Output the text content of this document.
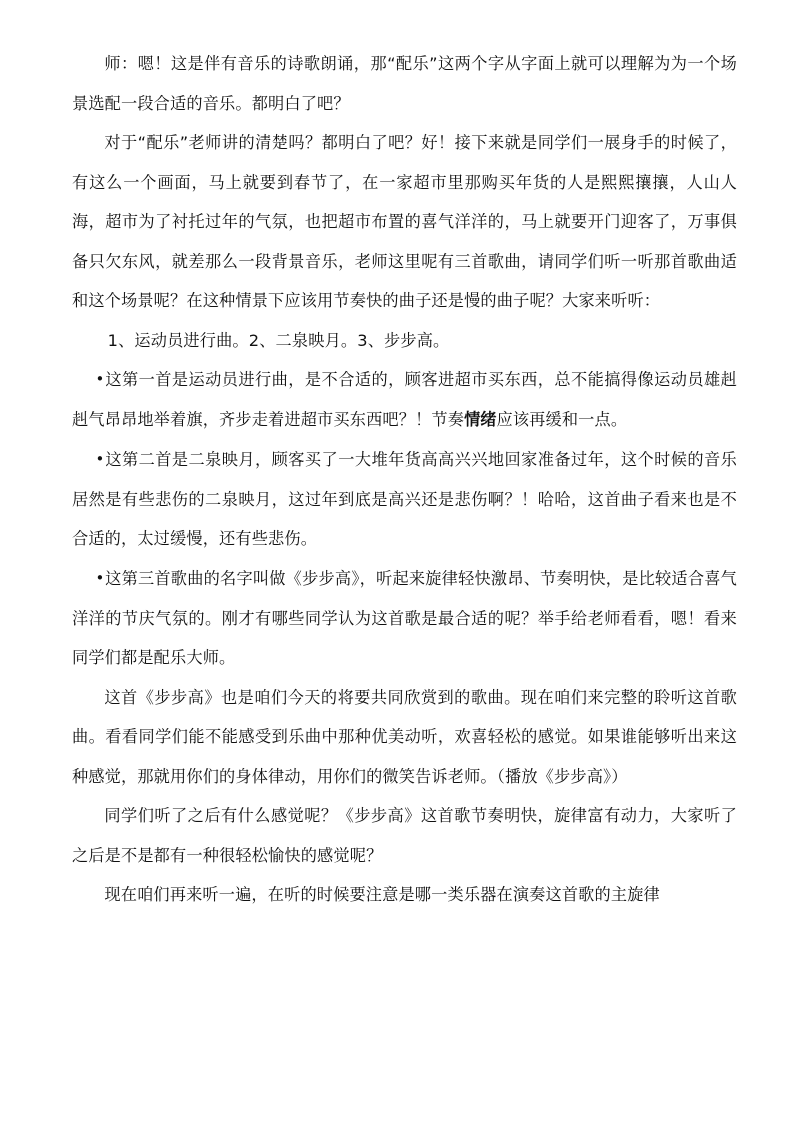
师：嗯！这是伴有音乐的诗歌朗诵，那“配乐”这两个字从字面上就可以理解为为一个场景选配一段合适的音乐。都明白了吧？

对于“配乐”老师讲的清楚吗？都明白了吧？好！接下来就是同学们一展身手的时候了，有这么一个画面，马上就要到春节了，在一家超市里那购买年货的人是熙熙攘攘，人山人海，超市为了衬托过年的气氛，也把超市布置的喜气洋洋的，马上就要开门迎客了，万事俱备只欠东风，就差那么一段背景音乐，老师这里呢有三首歌曲，请同学们听一听那首歌曲适和这个场景呢？在这种情景下应该用节奏快的曲子还是慢的曲子呢？大家来听听：

1、运动员进行曲。2、二泉映月。3、步步高。

•这第一首是运动员进行曲，是不合适的，顾客进超市买东西，总不能搞得像运动员雄赳赳气昂昂地举着旗，齐步走着进超市买东西吧？！节奏情绪应该再缓和一点。

•这第二首是二泉映月，顾客买了一大堆年货高高兴兴地回家准备过年，这个时候的音乐居然是有些悲伤的二泉映月，这过年到底是高兴还是悲伤啊？！哈哈，这首曲子看来也是不合适的，太过缓慢，还有些悲伤。

•这第三首歌曲的名字叫做《步步高》，听起来旋律轻快激昂、节奏明快，是比较适合喜气洋洋的节庆气氛的。刚才有哪些同学认为这首歌是最合适的呢？举手给老师看看，嗯！看来同学们都是配乐大师。

这首《步步高》也是咱们今天的将要共同欣赏到的歌曲。现在咱们来完整的聆听这首歌曲。看看同学们能不能感受到乐曲中那种优美动听，欢喜轻松的感觉。如果谁能够听出来这种感觉，那就用你们的身体律动，用你们的微笑告诉老师。（播放《步步高》）

同学们听了之后有什么感觉呢？《步步高》这首歌节奏明快，旋律富有动力，大家听了之后是不是都有一种很轻松愉快的感觉呢？

现在咱们再来听一遍，在听的时候要注意是哪一类乐器在演奏这首歌的主旋律
